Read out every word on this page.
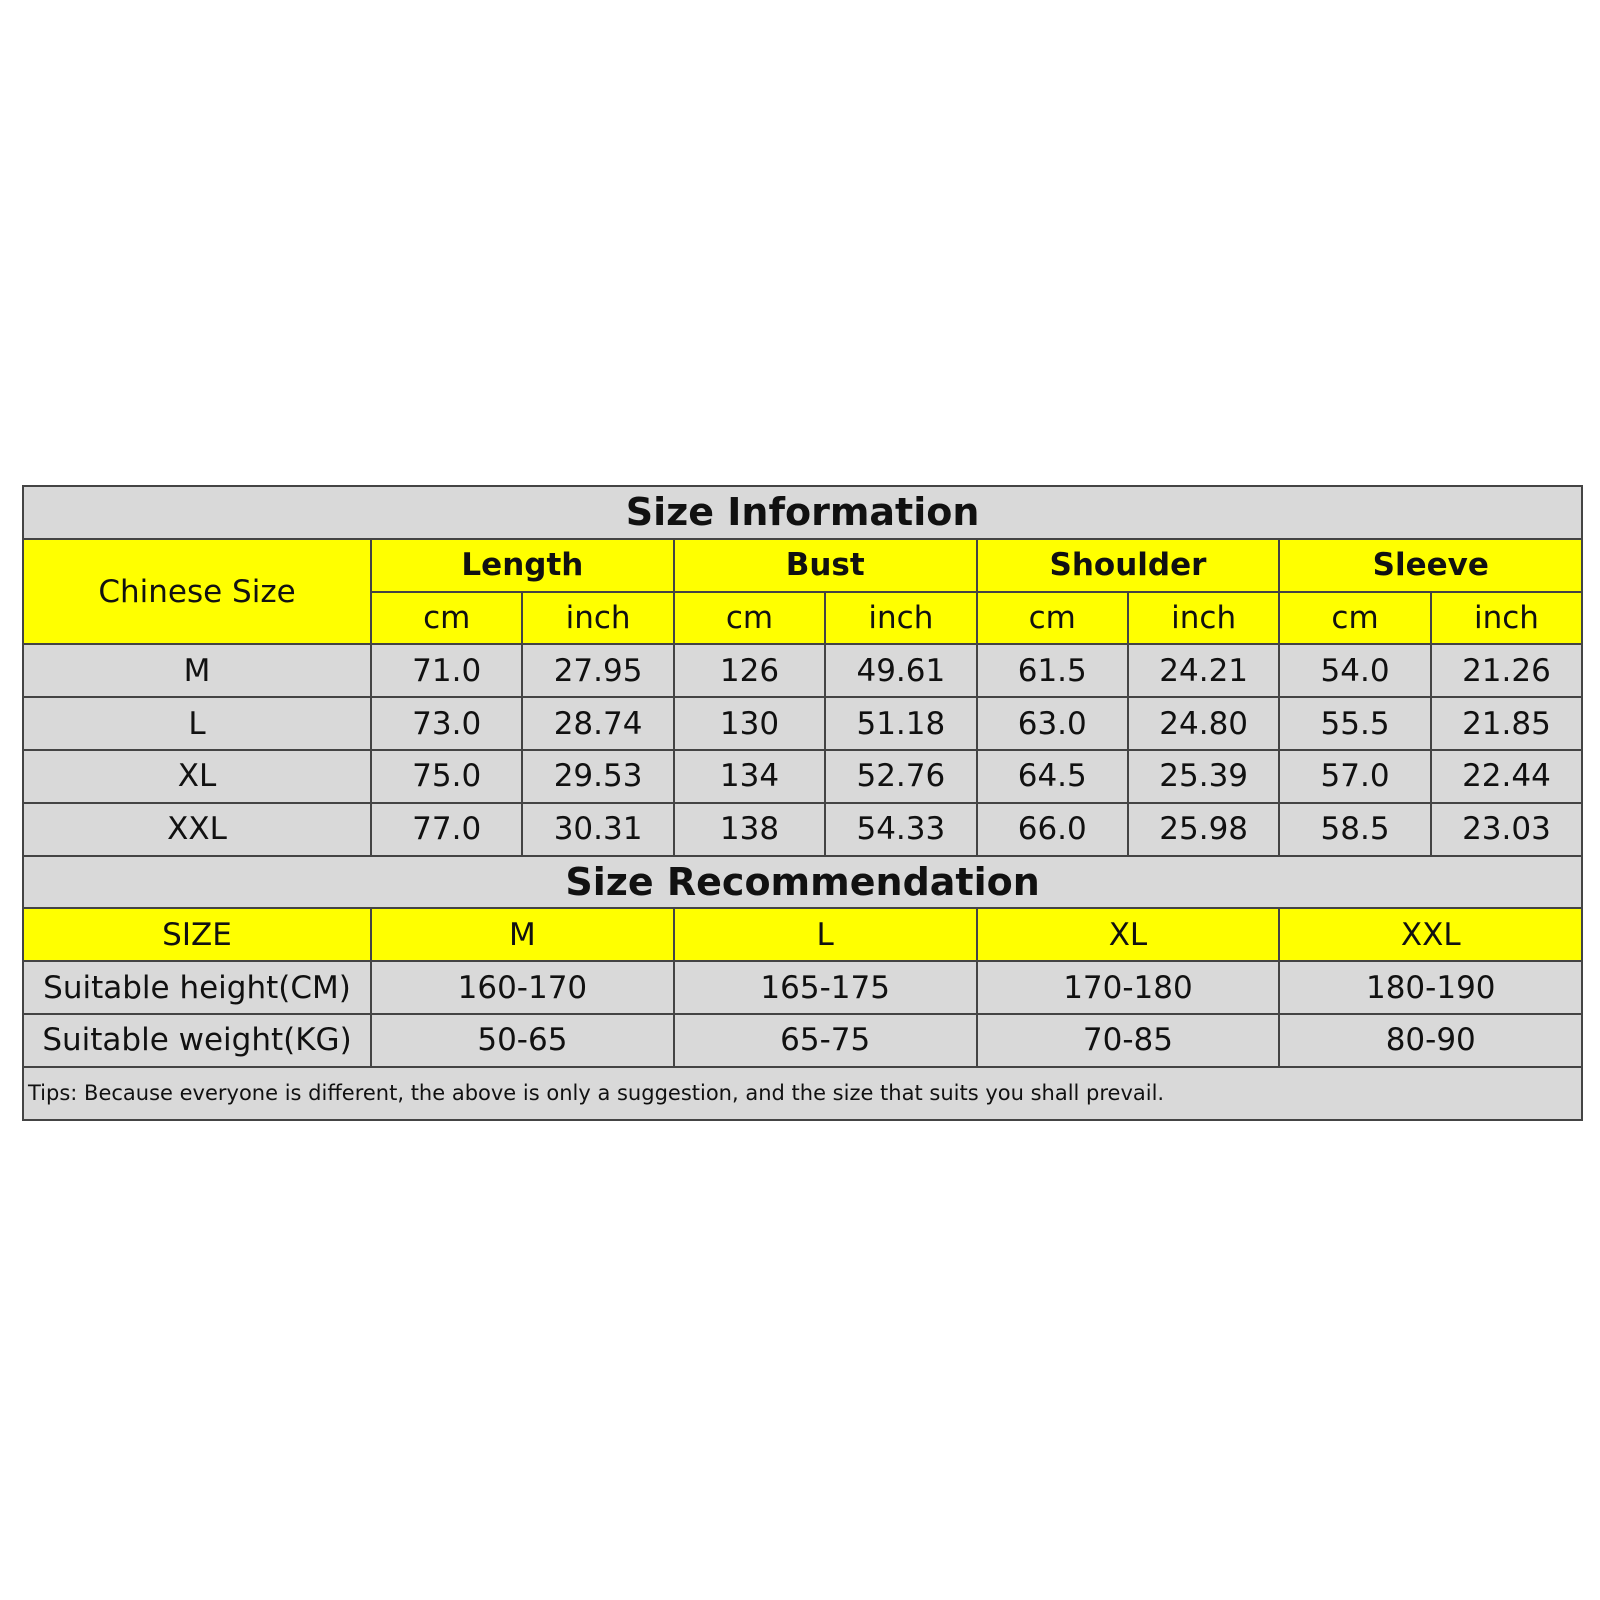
Size Information								
Chinese Size	Length		Bust		Shoulder		Sleeve	
	cm	inch	cm	inch	cm	inch	cm	inch
M	71.0	27.95	126	49.61	61.5	24.21	54.0	21.26
L	73.0	28.74	130	51.18	63.0	24.80	55.5	21.85
XL	75.0	29.53	134	52.76	64.5	25.39	57.0	22.44
XXL	77.0	30.31	138	54.33	66.0	25.98	58.5	23.03
Size Recommendation								
SIZE	M		L		XL		XXL	
Suitable height(CM)	160-170		165-175		170-180		180-190	
Suitable weight(KG)	50-65		65-75		70-85		80-90	
Tips: Because everyone is different, the above is only a suggestion, and the size that suits you shall prevail.								
